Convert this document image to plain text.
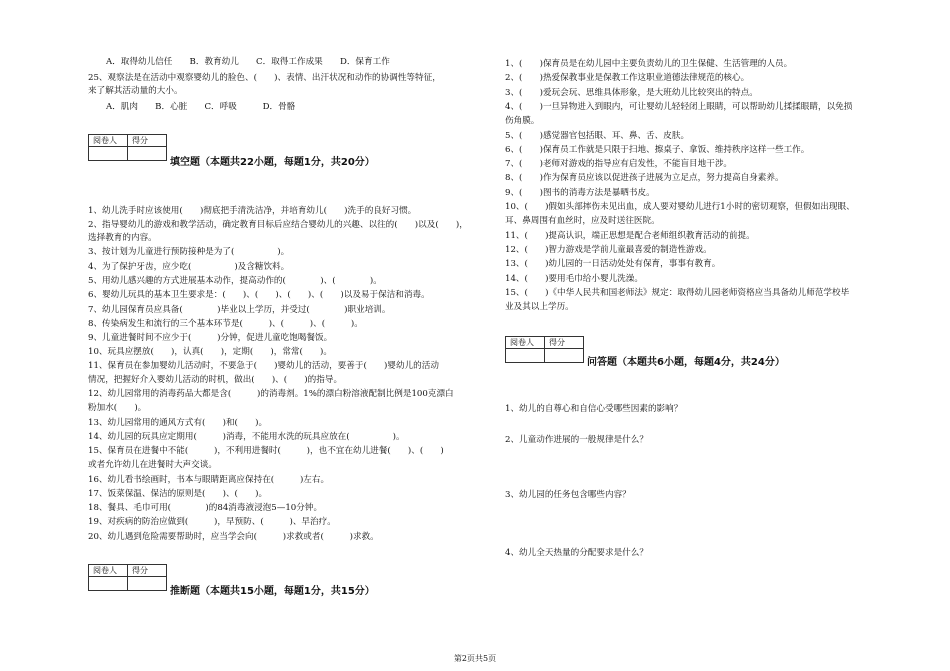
A．取得幼儿信任　　B．教育幼儿　　C．取得工作成果　　D．保育工作
25、观察法是在活动中观察婴幼儿的脸色、(　　)、表情、出汗状况和动作的协调性等特征，
来了解其活动量的大小。
A．肌肉　　B．心脏　　C．呼吸　　　D．骨骼
阅卷人	得分

填空题（本题共22小题，每题1分，共20分）
1、幼儿洗手时应该使用(　　)彻底把手清洗洁净，并培育幼儿(　　)洗手的良好习惯。
2、指导婴幼儿的游戏和教学活动，确定教育目标后应结合婴幼儿的兴趣、以往的(　　)以及(　　)，
选择教育的内容。
3、按计划为儿童进行预防接种是为了(　　　　　)。
4、为了保护牙齿，应少吃(　　　　　)及含糖饮料。
5、用幼儿感兴趣的方式进展基本动作，提高动作的(　　　　)、(　　　　)。
6、婴幼儿玩具的基本卫生要求是：(　　)、(　　)、(　　)、(　　)以及易于保洁和消毒。
7、幼儿园保育员应具备(　　　　)毕业以上学历，并受过(　　　　)职业培训。
8、传染病发生和流行的三个基本环节是(　　　)、(　　　)、(　　　)。
9、儿童进餐时间不应少于(　　　)分钟，促进儿童吃饱喝餐饭。
10、玩具应摆放(　　)，认真(　　)，定期(　　)，常常(　　)。
11、保育员在参加婴幼儿活动时，不要急于(　　)婴幼儿的活动，要善于(　　)婴幼儿的活动
情况，把握好介入婴幼儿活动的时机，做出(　　)、(　　)的指导。
12、幼儿园常用的消毒药品大都是含(　　　)的消毒剂。1%的漂白粉溶液配制比例是100克漂白
粉加水(　　)。
13、幼儿园常用的通风方式有(　　)和(　　)。
14、幼儿园的玩具应定期用(　　　)消毒，不能用水洗的玩具应放在(　　　　　)。
15、保育员在进餐中不能(　　　)，不利用进餐时(　　　)，也不宜在幼儿进餐(　　)、(　　)
或者允许幼儿在进餐时大声交谈。
16、幼儿看书绘画时，书本与眼睛距离应保持在(　　　)左右。
17、饭菜保温、保洁的原则是(　　)、(　　)。
18、餐具、毛巾可用(　　　　)的84消毒液浸泡5—10分钟。
19、对疾病的防治应做到(　　　)，早预防、(　　　)、早治疗。
20、幼儿遇到危险需要帮助时，应当学会向(　　　)求救或者(　　　)求救。
阅卷人	得分

推断题（本题共15小题，每题1分，共15分）
1、(　　)保育员是在幼儿园中主要负责幼儿的卫生保健、生活管理的人员。
2、(　　)热爱保教事业是保教工作这职业道德法律规范的核心。
3、(　　)爱玩会玩、思维具体形象，是大班幼儿比较突出的特点。
4、(　　)一旦异物进入到眼内，可让婴幼儿轻轻闭上眼睛，可以帮助幼儿揉揉眼睛，以免损
伤角膜。
5、(　　)感觉器官包括眼、耳、鼻、舌、皮肤。
6、(　　)保育员工作就是只限于扫地、擦桌子、拿饭、维持秩序这样一些工作。
7、(　　)老师对游戏的指导应有启发性，不能盲目地干涉。
8、(　　)作为保育员应该以促进孩子进展为立足点，努力提高自身素养。
9、(　　)图书的消毒方法是暴晒书皮。
10、(　　)假如头部摔伤未见出血，成人要对婴幼儿进行1小时的密切观察，但假如出现眼、
耳、鼻周围有血丝时，应及时送往医院。
11、(　　)提高认识，端正思想是配合老师组织教育活动的前提。
12、(　　)智力游戏是学前儿童最喜爱的制造性游戏。
13、(　　)幼儿园的一日活动处处有保育，事事有教育。
14、(　　)要用毛巾给小婴儿洗澡。
15、(　　)《中华人民共和国老师法》规定：取得幼儿园老师资格应当具备幼儿师范学校毕
业及其以上学历。
阅卷人	得分

问答题（本题共6小题，每题4分，共24分）
1、幼儿的自尊心和自信心受哪些因素的影响？
2、儿童动作进展的一般规律是什么？
3、幼儿园的任务包含哪些内容？
4、幼儿全天热量的分配要求是什么？
第2页共5页
